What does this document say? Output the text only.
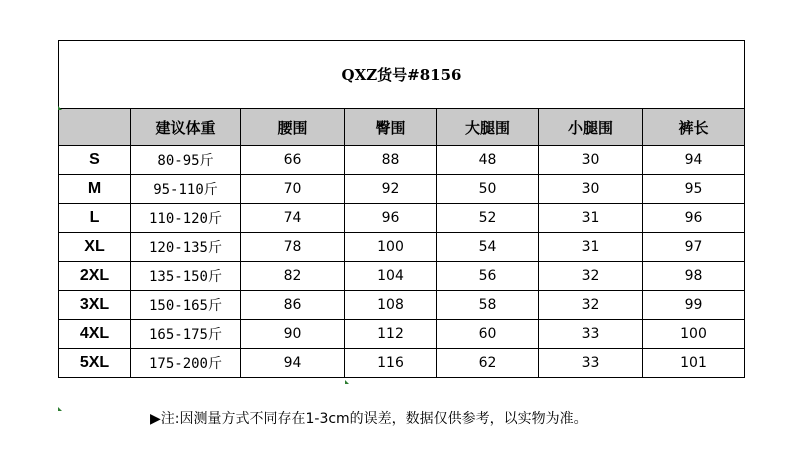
QXZ货号#8156						
	建议体重	腰围	臀围	大腿围	小腿围	裤长
S	80-95斤	66	88	48	30	94
M	95-110斤	70	92	50	30	95
L	110-120斤	74	96	52	31	96
XL	120-135斤	78	100	54	31	97
2XL	135-150斤	82	104	56	32	98
3XL	150-165斤	86	108	58	32	99
4XL	165-175斤	90	112	60	33	100
5XL	175-200斤	94	116	62	33	101
▶注:因测量方式不同存在1-3cm的误差，数据仅供参考，以实物为准。
